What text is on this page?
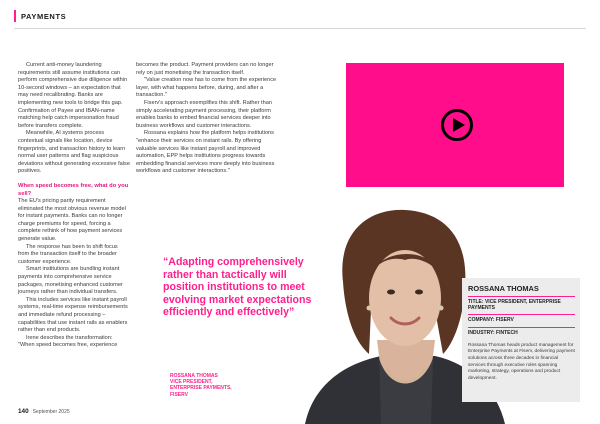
PAYMENTS

Current anti-money laundering requirements still assume institutions can perform comprehensive due diligence within 10-second windows – an expectation that may need recalibrating. Banks are implementing new tools to bridge this gap. Confirmation of Payee and IBAN-name matching help catch impersonation fraud before transfers complete.

Meanwhile, AI systems process contextual signals like location, device fingerprints, and transaction history to learn normal user patterns and flag suspicious deviations without generating excessive false positives.

When speed becomes free, what do you sell?

The EU's pricing parity requirement eliminated the most obvious revenue model for instant payments. Banks can no longer charge premiums for speed, forcing a complete rethink of how payment services generate value.

The response has been to shift focus from the transaction itself to the broader customer experience.

Smart institutions are bundling instant payments into comprehensive service packages, monetising enhanced customer journeys rather than individual transfers.

This includes services like instant payroll systems, real-time expense reimbursements and immediate refund processing – capabilities that use instant rails as enablers rather than end products.

Irene describes the transformation: "When speed becomes free, experience

becomes the product. Payment providers can no longer rely on just monetising the transaction itself.

"Value creation now has to come from the experience layer, with what happens before, during, and after a transaction."

Fiserv's approach exemplifies this shift. Rather than simply accelerating payment processing, their platform enables banks to embed financial services deeper into business workflows and customer interactions.

Rossana explains how the platform helps institutions "enhance their services on instant rails. By offering valuable services like instant payroll and improved automation, EPP helps institutions progress towards embedding financial services more deeply into business workflows and customer interactions."

“Adapting comprehensively rather than tactically will position institutions to meet evolving market expectations efficiently and effectively”
ROSSANA THOMAS
VICE PRESIDENT,
ENTERPRISE PAYMENTS,
FISERV
ROSSANA THOMAS
TITLE: VICE PRESIDENT, ENTERPRISE PAYMENTS
COMPANY: FISERV
INDUSTRY: FINTECH
Rossana Thomas heads product management for Enterprise Payments at Fiserv, delivering payment solutions across three decades in financial services through executive roles spanning marketing, strategy, operations and product development.
140 September 2025
